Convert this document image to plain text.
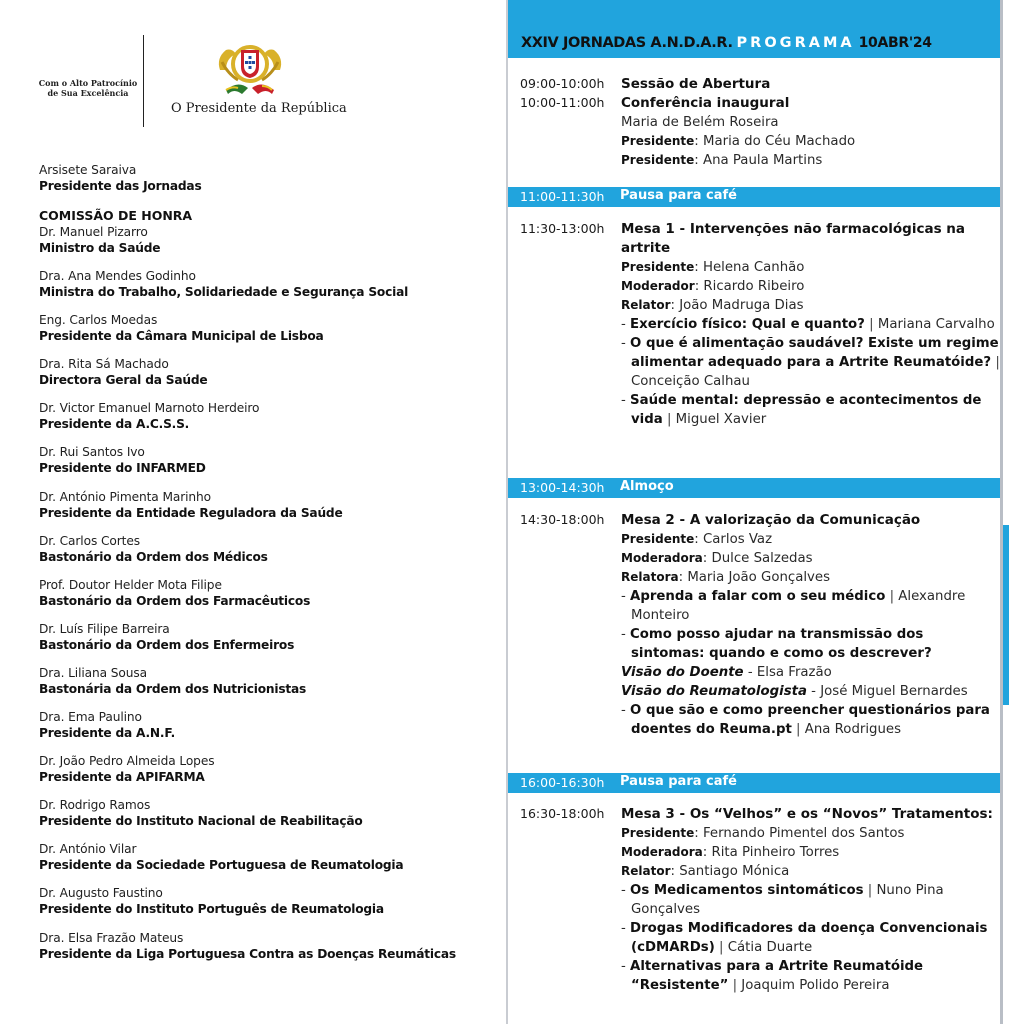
Com o Alto Patrocínio
de Sua Excelência
O Presidente da República
Arsisete Saraiva
Presidente das Jornadas
COMISSÃO DE HONRA
Dr. Manuel Pizarro
Ministro da Saúde
Dra. Ana Mendes Godinho
Ministra do Trabalho, Solidariedade e Segurança Social
Eng. Carlos Moedas
Presidente da Câmara Municipal de Lisboa
Dra. Rita Sá Machado
Directora Geral da Saúde
Dr. Victor Emanuel Marnoto Herdeiro
Presidente da A.C.S.S.
Dr. Rui Santos Ivo
Presidente do INFARMED
Dr. António Pimenta Marinho
Presidente da Entidade Reguladora da Saúde
Dr. Carlos Cortes
Bastonário da Ordem dos Médicos
Prof. Doutor Helder Mota Filipe
Bastonário da Ordem dos Farmacêuticos
Dr. Luís Filipe Barreira
Bastonário da Ordem dos Enfermeiros
Dra. Liliana Sousa
Bastonária da Ordem dos Nutricionistas
Dra. Ema Paulino
Presidente da A.N.F.
Dr. João Pedro Almeida Lopes
Presidente da APIFARMA
Dr. Rodrigo Ramos
Presidente do Instituto Nacional de Reabilitação
Dr. António Vilar
Presidente da Sociedade Portuguesa de Reumatologia
Dr. Augusto Faustino
Presidente do Instituto Português de Reumatologia
Dra. Elsa Frazão Mateus
Presidente da Liga Portuguesa Contra as Doenças Reumáticas
XXIV JORNADAS A.N.D.A.R. PROGRAMA 10ABR'24
09:00-10:00h Sessão de Abertura
10:00-11:00h Conferência inaugural
Maria de Belém Roseira
Presidente: Maria do Céu Machado
Presidente: Ana Paula Martins
11:00-11:30h Pausa para café
11:30-13:00h Mesa 1 - Intervenções não farmacológicas na artrite
Presidente: Helena Canhão
Moderador: Ricardo Ribeiro
Relator: João Madruga Dias
- Exercício físico: Qual e quanto? | Mariana Carvalho
- O que é alimentação saudável? Existe um regime alimentar adequado para a Artrite Reumatóide? | Conceição Calhau
- Saúde mental: depressão e acontecimentos de vida | Miguel Xavier
13:00-14:30h Almoço
14:30-18:00h Mesa 2 - A valorização da Comunicação
Presidente: Carlos Vaz
Moderadora: Dulce Salzedas
Relatora: Maria João Gonçalves
- Aprenda a falar com o seu médico | Alexandre Monteiro
- Como posso ajudar na transmissão dos sintomas: quando e como os descrever?
Visão do Doente - Elsa Frazão
Visão do Reumatologista - José Miguel Bernardes
- O que são e como preencher questionários para doentes do Reuma.pt | Ana Rodrigues
16:00-16:30h Pausa para café
16:30-18:00h Mesa 3 - Os “Velhos” e os “Novos” Tratamentos:
Presidente: Fernando Pimentel dos Santos
Moderadora: Rita Pinheiro Torres
Relator: Santiago Mónica
- Os Medicamentos sintomáticos | Nuno Pina Gonçalves
- Drogas Modificadores da doença Convencionais (cDMARDs) | Cátia Duarte
- Alternativas para a Artrite Reumatóide “Resistente” | Joaquim Polido Pereira
